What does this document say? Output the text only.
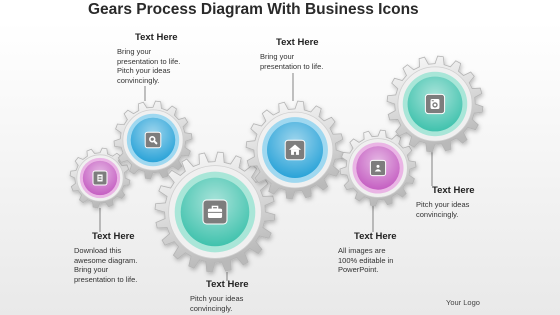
Gears Process Diagram With Business Icons
Text Here
Bring your
presentation to life.
Pitch your ideas
convincingly.
Text Here
Bring your
presentation to life.
Text Here
Download this
awesome diagram.
Bring your
presentation to life.	Text Here
Pitch your ideas
convincingly.
Text Here
All images are
100% editable in
PowerPoint.
Text Here
Pitch your ideas
convincingly.
Your Logo
